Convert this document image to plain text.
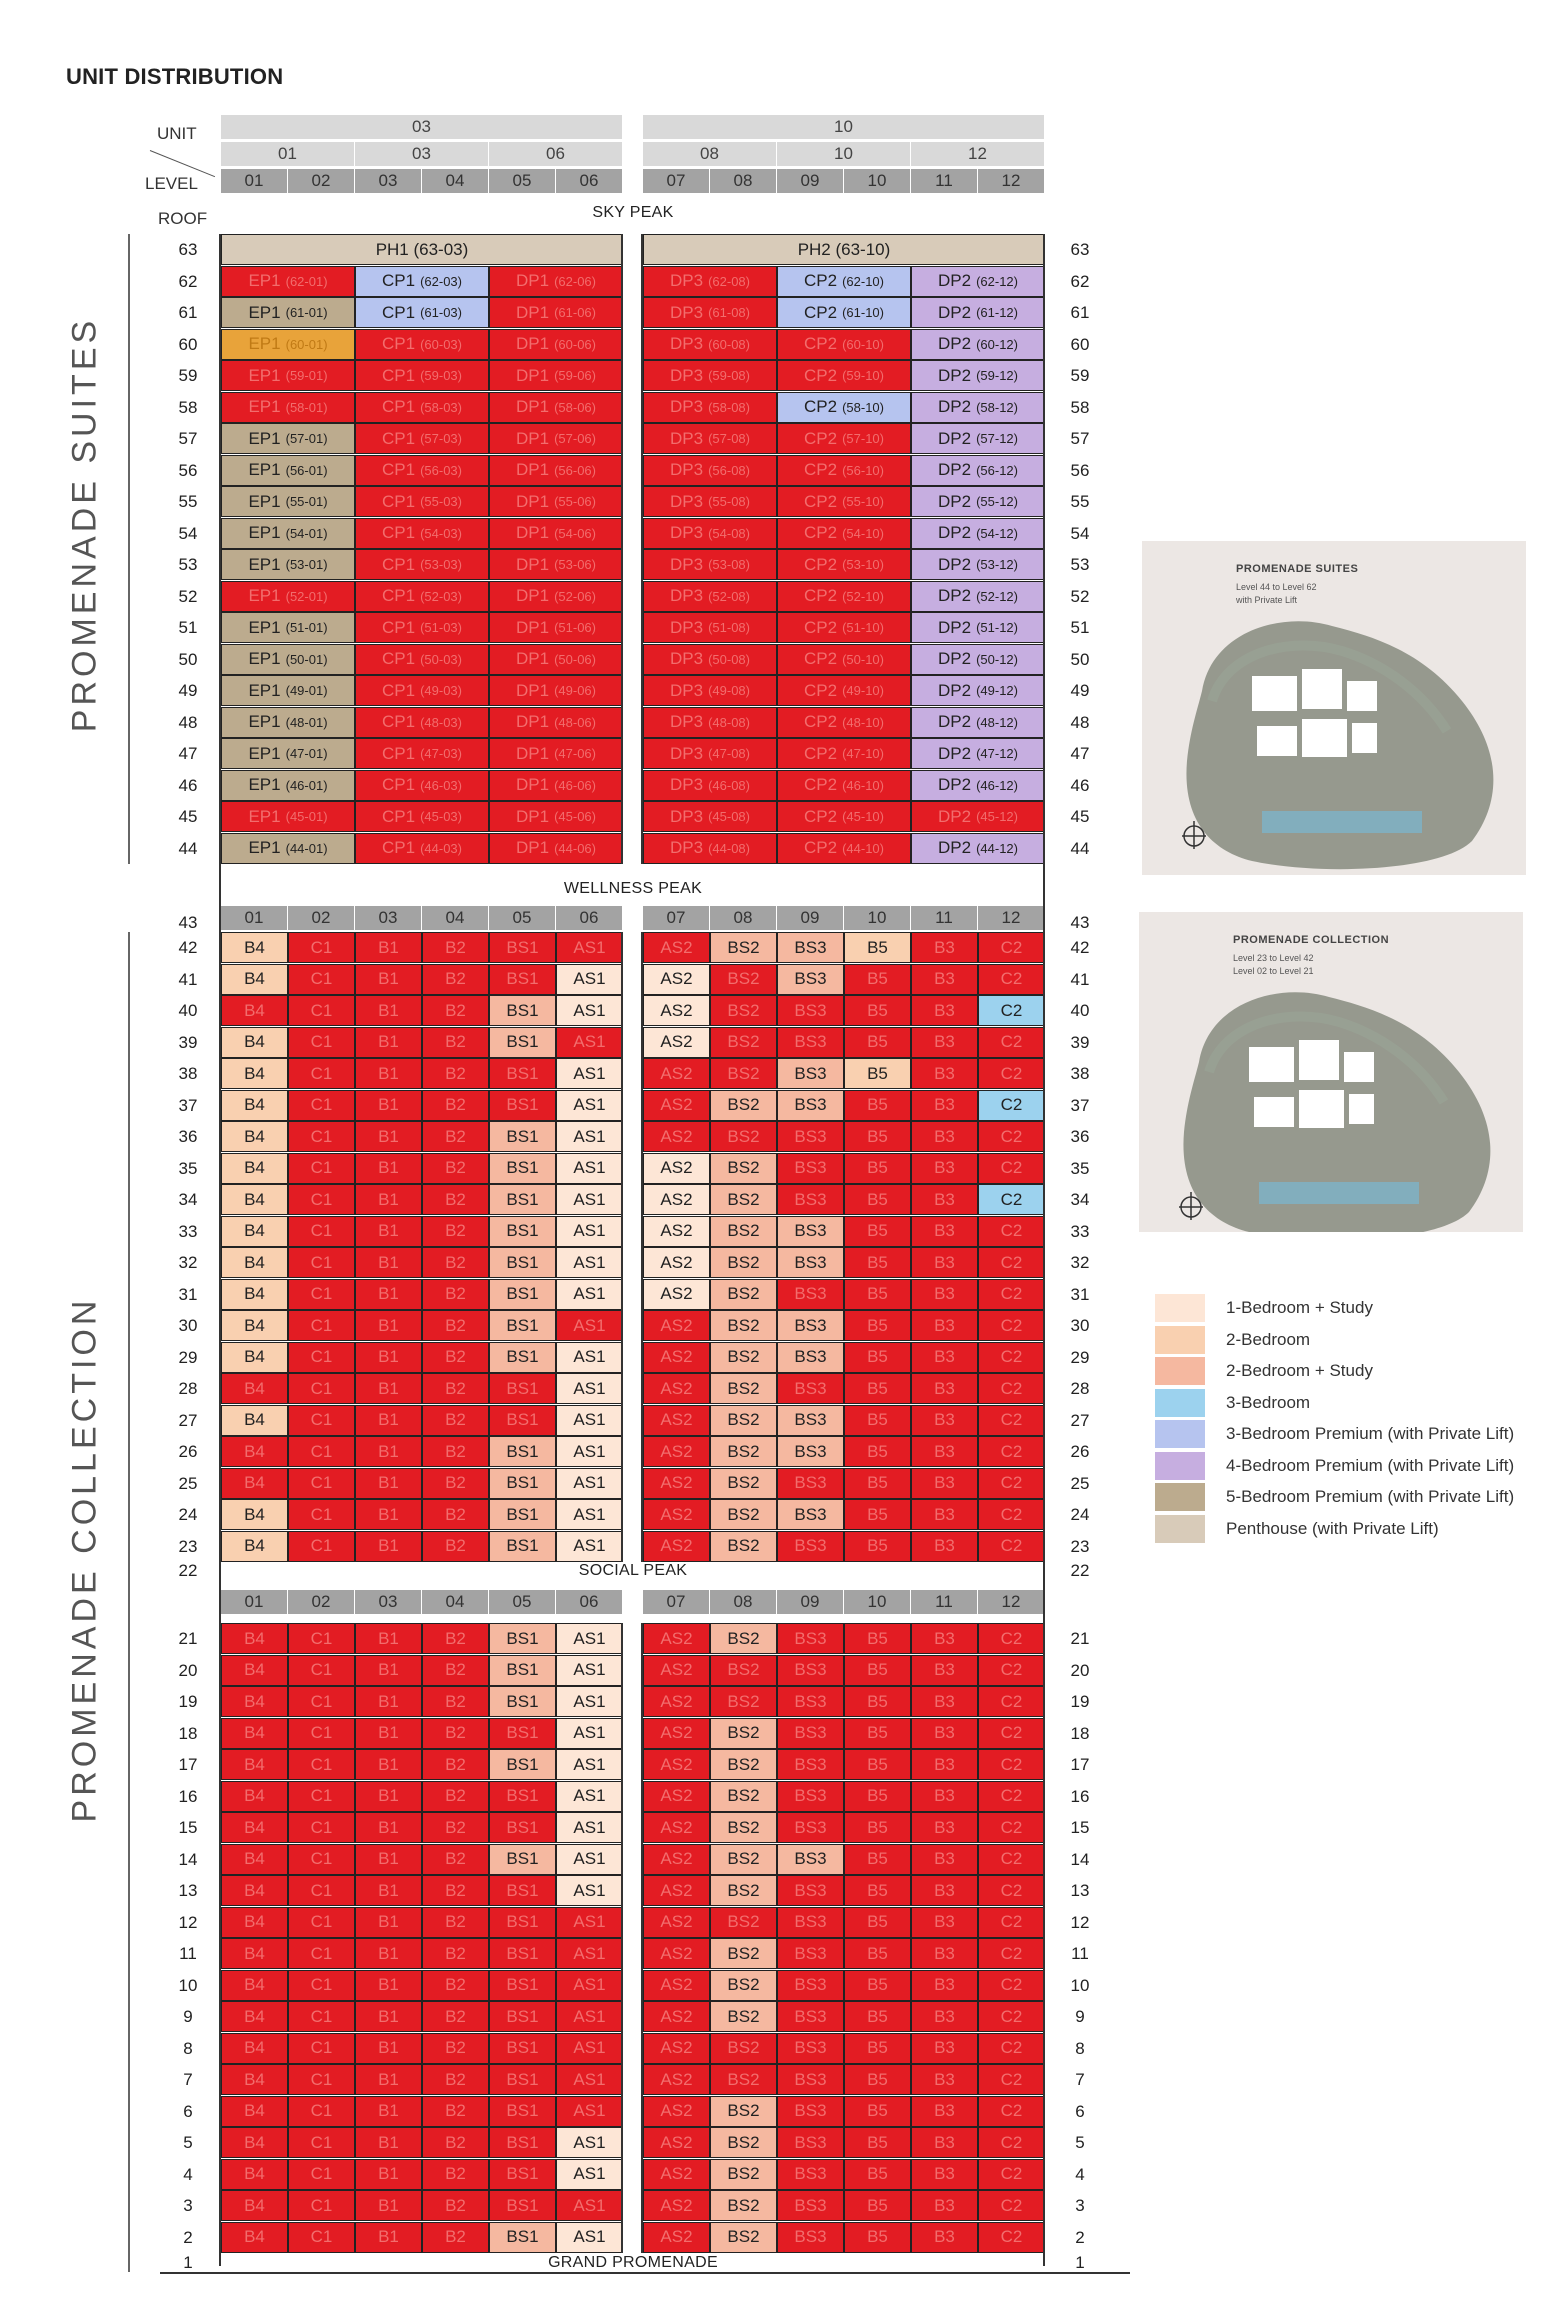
UNIT DISTRIBUTION
03	10
01	03	06	08	10	12
01	02	03	04	05	06	07	08	09	10	11	12
UNIT
LEVEL
ROOF	SKY PEAK
63	63
PH1 (63-03)	PH2 (63-10)
62	62
EP1 (62-01)	CP1 (62-03)	DP1 (62-06)	DP3 (62-08)	CP2 (62-10)	DP2 (62-12)
61	61
EP1 (61-01)	CP1 (61-03)	DP1 (61-06)	DP3 (61-08)	CP2 (61-10)	DP2 (61-12)
60	60
EP1 (60-01)	CP1 (60-03)	DP1 (60-06)	DP3 (60-08)	CP2 (60-10)	DP2 (60-12)
59	59
EP1 (59-01)	CP1 (59-03)	DP1 (59-06)	DP3 (59-08)	CP2 (59-10)	DP2 (59-12)
58	58
EP1 (58-01)	CP1 (58-03)	DP1 (58-06)	DP3 (58-08)	CP2 (58-10)	DP2 (58-12)
57	57
EP1 (57-01)	CP1 (57-03)	DP1 (57-06)	DP3 (57-08)	CP2 (57-10)	DP2 (57-12)
56	56
EP1 (56-01)	CP1 (56-03)	DP1 (56-06)	DP3 (56-08)	CP2 (56-10)	DP2 (56-12)
55	55
EP1 (55-01)	CP1 (55-03)	DP1 (55-06)	DP3 (55-08)	CP2 (55-10)	DP2 (55-12)
54	54
EP1 (54-01)	CP1 (54-03)	DP1 (54-06)	DP3 (54-08)	CP2 (54-10)	DP2 (54-12)
53	53
EP1 (53-01)	CP1 (53-03)	DP1 (53-06)	DP3 (53-08)	CP2 (53-10)	DP2 (53-12)
52	52
EP1 (52-01)	CP1 (52-03)	DP1 (52-06)	DP3 (52-08)	CP2 (52-10)	DP2 (52-12)
51	51
EP1 (51-01)	CP1 (51-03)	DP1 (51-06)	DP3 (51-08)	CP2 (51-10)	DP2 (51-12)
50	50
EP1 (50-01)	CP1 (50-03)	DP1 (50-06)	DP3 (50-08)	CP2 (50-10)	DP2 (50-12)
49	49
EP1 (49-01)	CP1 (49-03)	DP1 (49-06)	DP3 (49-08)	CP2 (49-10)	DP2 (49-12)
48	48
EP1 (48-01)	CP1 (48-03)	DP1 (48-06)	DP3 (48-08)	CP2 (48-10)	DP2 (48-12)
47	47
EP1 (47-01)	CP1 (47-03)	DP1 (47-06)	DP3 (47-08)	CP2 (47-10)	DP2 (47-12)
46	46
EP1 (46-01)	CP1 (46-03)	DP1 (46-06)	DP3 (46-08)	CP2 (46-10)	DP2 (46-12)
45	45
EP1 (45-01)	CP1 (45-03)	DP1 (45-06)	DP3 (45-08)	CP2 (45-10)	DP2 (45-12)
44	44
EP1 (44-01)	CP1 (44-03)	DP1 (44-06)	DP3 (44-08)	CP2 (44-10)	DP2 (44-12)
43	43
WELLNESS PEAK
01	02	03	04	05	06	07	08	09	10	11	12
42	42
B4	C1	B1	B2	BS1	AS1	AS2	BS2	BS3	B5	B3	C2
41	41
B4	C1	B1	B2	BS1	AS1	AS2	BS2	BS3	B5	B3	C2
40	40
B4	C1	B1	B2	BS1	AS1	AS2	BS2	BS3	B5	B3	C2
39	39
B4	C1	B1	B2	BS1	AS1	AS2	BS2	BS3	B5	B3	C2
38	38
B4	C1	B1	B2	BS1	AS1	AS2	BS2	BS3	B5	B3	C2
37	37
B4	C1	B1	B2	BS1	AS1	AS2	BS2	BS3	B5	B3	C2
36	36
B4	C1	B1	B2	BS1	AS1	AS2	BS2	BS3	B5	B3	C2
35	35
B4	C1	B1	B2	BS1	AS1	AS2	BS2	BS3	B5	B3	C2
34	34
B4	C1	B1	B2	BS1	AS1	AS2	BS2	BS3	B5	B3	C2
33	33
B4	C1	B1	B2	BS1	AS1	AS2	BS2	BS3	B5	B3	C2
32	32
B4	C1	B1	B2	BS1	AS1	AS2	BS2	BS3	B5	B3	C2
31	31
B4	C1	B1	B2	BS1	AS1	AS2	BS2	BS3	B5	B3	C2
30	30
B4	C1	B1	B2	BS1	AS1	AS2	BS2	BS3	B5	B3	C2
29	29
B4	C1	B1	B2	BS1	AS1	AS2	BS2	BS3	B5	B3	C2
28	28
B4	C1	B1	B2	BS1	AS1	AS2	BS2	BS3	B5	B3	C2
27	27
B4	C1	B1	B2	BS1	AS1	AS2	BS2	BS3	B5	B3	C2
26	26
B4	C1	B1	B2	BS1	AS1	AS2	BS2	BS3	B5	B3	C2
25	25
B4	C1	B1	B2	BS1	AS1	AS2	BS2	BS3	B5	B3	C2
24	24
B4	C1	B1	B2	BS1	AS1	AS2	BS2	BS3	B5	B3	C2
23	23
B4	C1	B1	B2	BS1	AS1	AS2	BS2	BS3	B5	B3	C2
21	21
B4	C1	B1	B2	BS1	AS1	AS2	BS2	BS3	B5	B3	C2
20	20
B4	C1	B1	B2	BS1	AS1	AS2	BS2	BS3	B5	B3	C2
19	19
B4	C1	B1	B2	BS1	AS1	AS2	BS2	BS3	B5	B3	C2
18	18
B4	C1	B1	B2	BS1	AS1	AS2	BS2	BS3	B5	B3	C2
17	17
B4	C1	B1	B2	BS1	AS1	AS2	BS2	BS3	B5	B3	C2
16	16
B4	C1	B1	B2	BS1	AS1	AS2	BS2	BS3	B5	B3	C2
15	15
B4	C1	B1	B2	BS1	AS1	AS2	BS2	BS3	B5	B3	C2
14	14
B4	C1	B1	B2	BS1	AS1	AS2	BS2	BS3	B5	B3	C2
13	13
B4	C1	B1	B2	BS1	AS1	AS2	BS2	BS3	B5	B3	C2
12	12
B4	C1	B1	B2	BS1	AS1	AS2	BS2	BS3	B5	B3	C2
11	11
B4	C1	B1	B2	BS1	AS1	AS2	BS2	BS3	B5	B3	C2
10	10
B4	C1	B1	B2	BS1	AS1	AS2	BS2	BS3	B5	B3	C2
9	9
B4	C1	B1	B2	BS1	AS1	AS2	BS2	BS3	B5	B3	C2
8	8
B4	C1	B1	B2	BS1	AS1	AS2	BS2	BS3	B5	B3	C2
7	7
B4	C1	B1	B2	BS1	AS1	AS2	BS2	BS3	B5	B3	C2
6	6
B4	C1	B1	B2	BS1	AS1	AS2	BS2	BS3	B5	B3	C2
5	5
B4	C1	B1	B2	BS1	AS1	AS2	BS2	BS3	B5	B3	C2
4	4
B4	C1	B1	B2	BS1	AS1	AS2	BS2	BS3	B5	B3	C2
3	3
B4	C1	B1	B2	BS1	AS1	AS2	BS2	BS3	B5	B3	C2
2	2
B4	C1	B1	B2	BS1	AS1	AS2	BS2	BS3	B5	B3	C2
22	22
SOCIAL PEAK
01	02	03	04	05	06	07	08	09	10	11	12
1	1
GRAND PROMENADE
PROMENADE SUITES
PROMENADE COLLECTION
PROMENADE SUITES
Level 44 to Level 62
with Private Lift
PROMENADE COLLECTION
Level 23 to Level 42
Level 02 to Level 21
1-Bedroom + Study
2-Bedroom
2-Bedroom + Study
3-Bedroom
3-Bedroom Premium (with Private Lift)
4-Bedroom Premium (with Private Lift)
5-Bedroom Premium (with Private Lift)
Penthouse (with Private Lift)
